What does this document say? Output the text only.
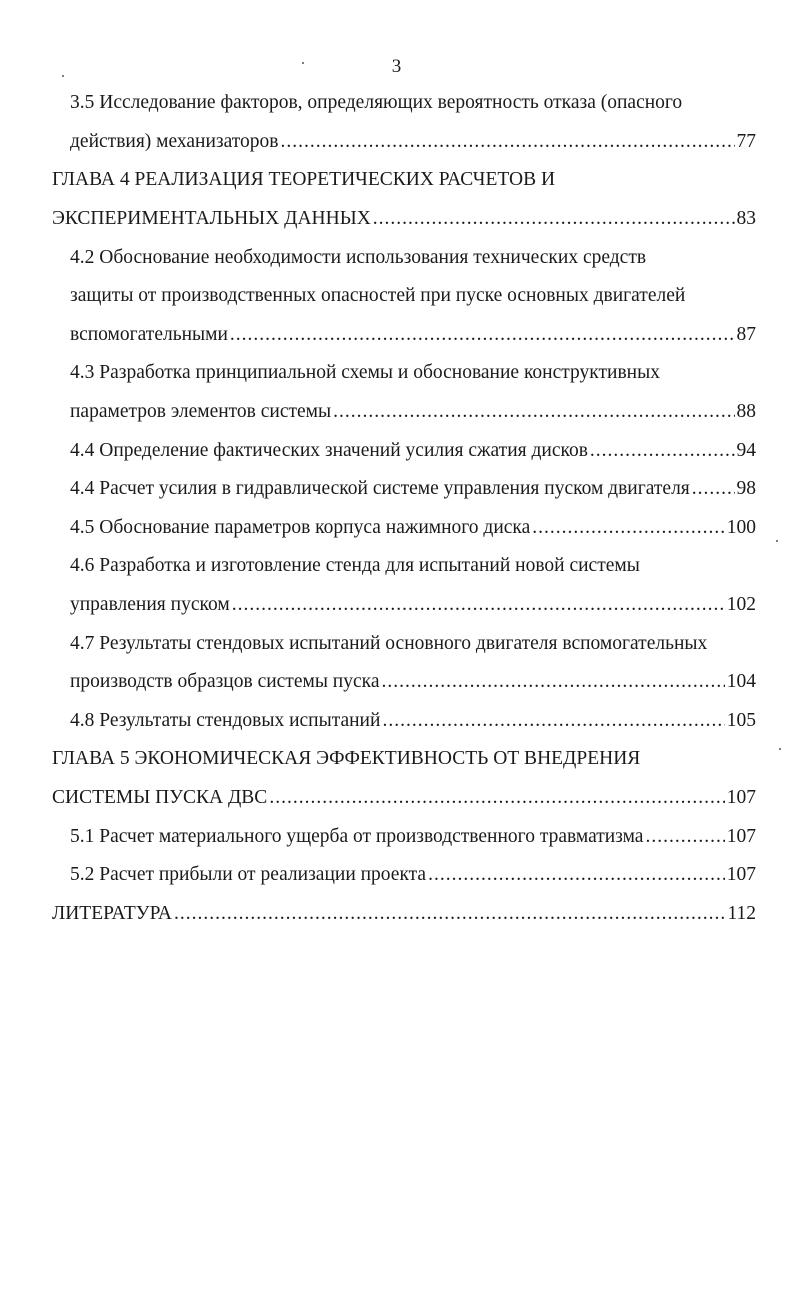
3
3.5 Исследование факторов, определяющих вероятность отказа (опасного
действия) механизаторов .....	77
ГЛАВА 4 РЕАЛИЗАЦИЯ ТЕОРЕТИЧЕСКИХ РАСЧЕТОВ И
ЭКСПЕРИМЕНТАЛЬНЫХ ДАННЫХ .....	83
4.2 Обоснование необходимости использования технических средств
защиты от производственных опасностей при пуске основных двигателей
вспомогательными .....	87
4.3 Разработка принципиальной схемы и обоснование конструктивных
параметров элементов системы .....	88
4.4 Определение фактических значений усилия сжатия дисков .....	94
4.4 Расчет усилия в гидравлической системе управления пуском двигателя ..... 98
4.5 Обоснование параметров корпуса нажимного диска .....	100
4.6 Разработка и изготовление стенда для испытаний новой системы
управления пуском .....	102
4.7 Результаты стендовых испытаний основного двигателя вспомогательных
производств образцов системы пуска .....	104
4.8 Результаты стендовых испытаний .....	105
ГЛАВА 5 ЭКОНОМИЧЕСКАЯ ЭФФЕКТИВНОСТЬ ОТ ВНЕДРЕНИЯ
СИСТЕМЫ ПУСКА ДВС .....	107
5.1 Расчет материального ущерба от производственного травматизма .....	107
5.2 Расчет прибыли от реализации проекта .....	107
ЛИТЕРАТУРА .....	112
